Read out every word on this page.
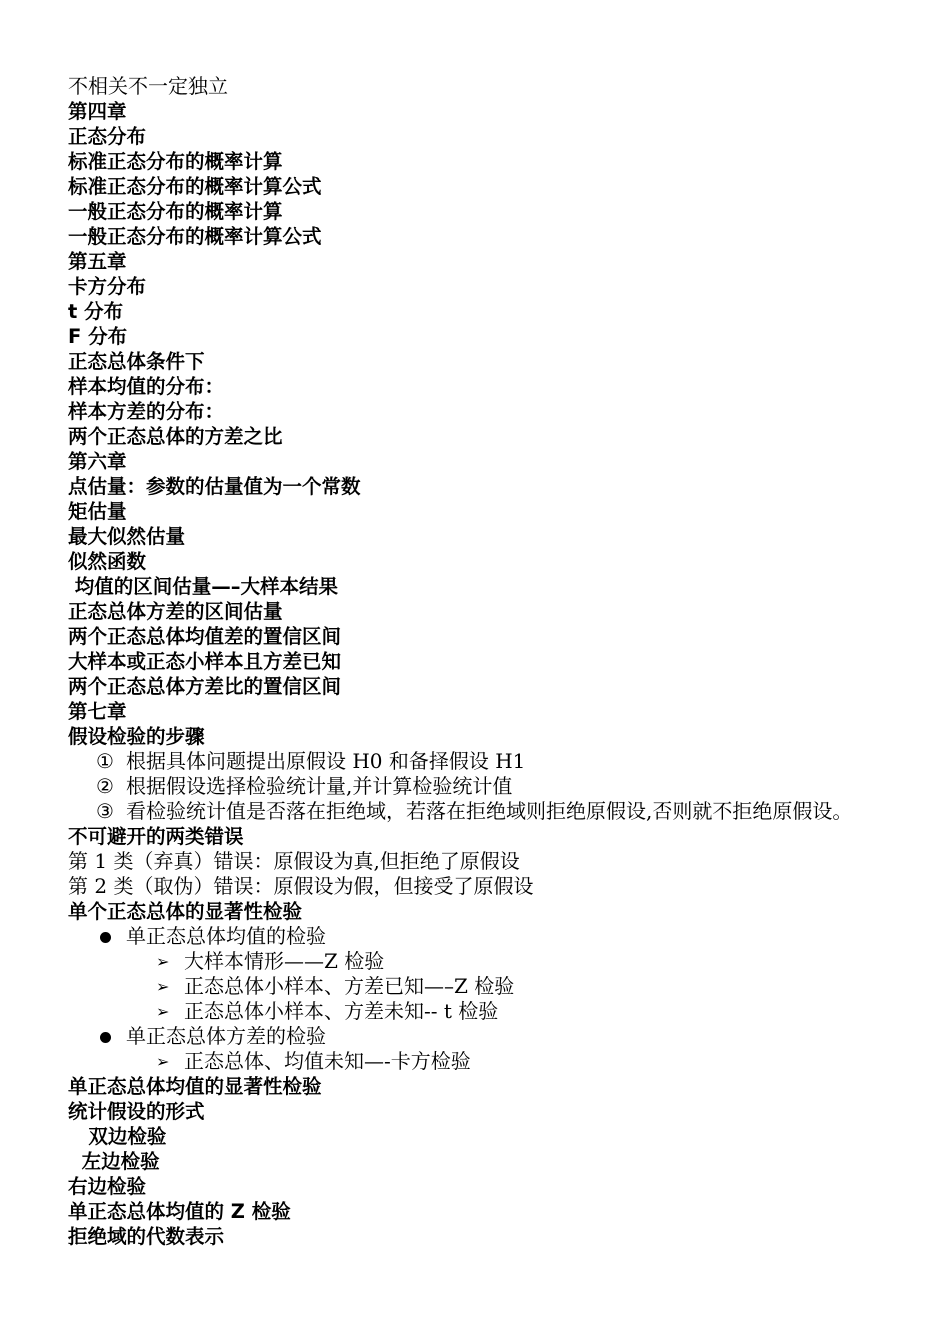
不相关不一定独立
第四章
正态分布
标准正态分布的概率计算
标准正态分布的概率计算公式
一般正态分布的概率计算
一般正态分布的概率计算公式
第五章
卡方分布
t 分布
F 分布
正态总体条件下
样本均值的分布：
样本方差的分布：
两个正态总体的方差之比
第六章
点估量：参数的估量值为一个常数
矩估量
最大似然估量
似然函数
均值的区间估量—–大样本结果
正态总体方差的区间估量
两个正态总体均值差的置信区间
大样本或正态小样本且方差已知
两个正态总体方差比的置信区间
第七章
假设检验的步骤
① 根据具体问题提出原假设 H0 和备择假设 H1
② 根据假设选择检验统计量,并计算检验统计值
③ 看检验统计值是否落在拒绝域，若落在拒绝域则拒绝原假设,否则就不拒绝原假设。
不可避开的两类错误
第 1 类（弃真）错误：原假设为真,但拒绝了原假设
第 2 类（取伪）错误：原假设为假，但接受了原假设
单个正态总体的显著性检验
单正态总体均值的检验
➢ 大样本情形——Z 检验
➢ 正态总体小样本、方差已知—–Z 检验
➢ 正态总体小样本、方差未知-- t 检验
单正态总体方差的检验
➢ 正态总体、均值未知—-卡方检验
单正态总体均值的显著性检验
统计假设的形式
双边检验
左边检验
右边检验
单正态总体均值的 Z 检验
拒绝域的代数表示
